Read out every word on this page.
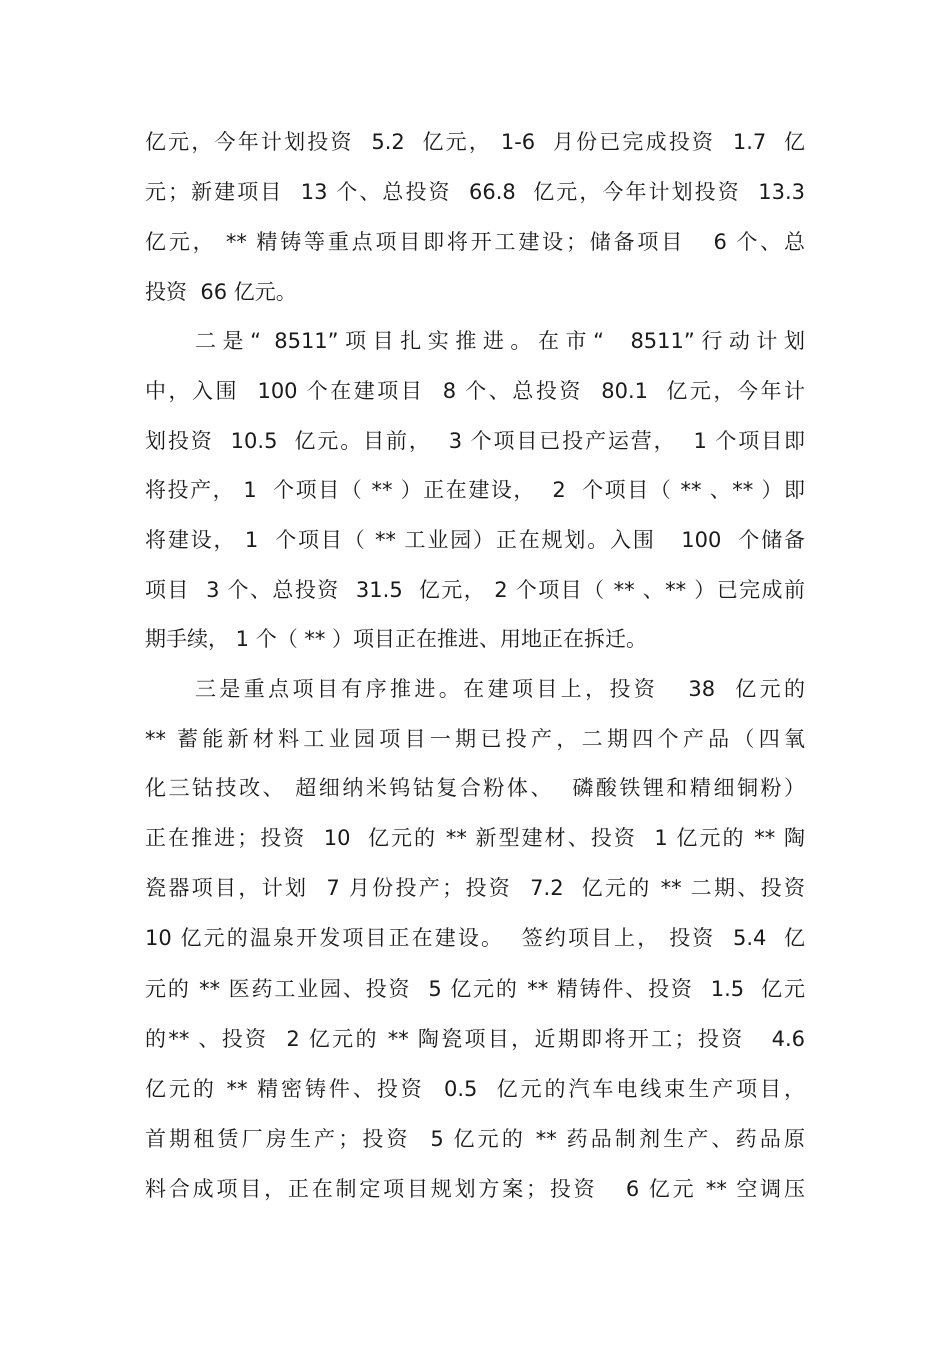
亿元，今年计划投资  5.2  亿元， 1-6  月份已完成投资  1.7  亿
元；新建项目  13 个、总投资  66.8  亿元，今年计划投资  13.3
亿元， ** 精铸等重点项目即将开工建设；储备项目   6 个、总
投资  66 亿元。
二是“ 8511”项目扎实推进。在市“  8511”行动计划
中，入围  100 个在建项目  8 个、总投资  80.1  亿元，今年计
划投资  10.5  亿元。目前，  3 个项目已投产运营，  1 个项目即
将投产， 1  个项目（ ** ）正在建设，  2  个项目（ ** 、** ）即
将建设， 1  个项目（ ** 工业园）正在规划。入围   100  个储备
项目  3 个、总投资  31.5  亿元， 2 个项目（ ** 、** ）已完成前
期手续， 1 个（ ** ）项目正在推进、用地正在拆迁。
三是重点项目有序推进。在建项目上，投资   38  亿元的
** 蓄能新材料工业园项目一期已投产，二期四个产品（四氧
化三钴技改、 超细纳米钨钴复合粉体、  磷酸铁锂和精细铜粉）
正在推进；投资  10  亿元的 ** 新型建材、投资  1 亿元的 ** 陶
瓷器项目，计划  7 月份投产；投资  7.2  亿元的 ** 二期、投资
10 亿元的温泉开发项目正在建设。  签约项目上， 投资  5.4  亿
元的 ** 医药工业园、投资  5 亿元的 ** 精铸件、投资  1.5  亿元
的** 、投资  2 亿元的 ** 陶瓷项目，近期即将开工；投资   4.6
亿元的 ** 精密铸件、投资  0.5  亿元的汽车电线束生产项目，
首期租赁厂房生产；投资  5 亿元的 ** 药品制剂生产、药品原
料合成项目，正在制定项目规划方案；投资   6 亿元 ** 空调压
